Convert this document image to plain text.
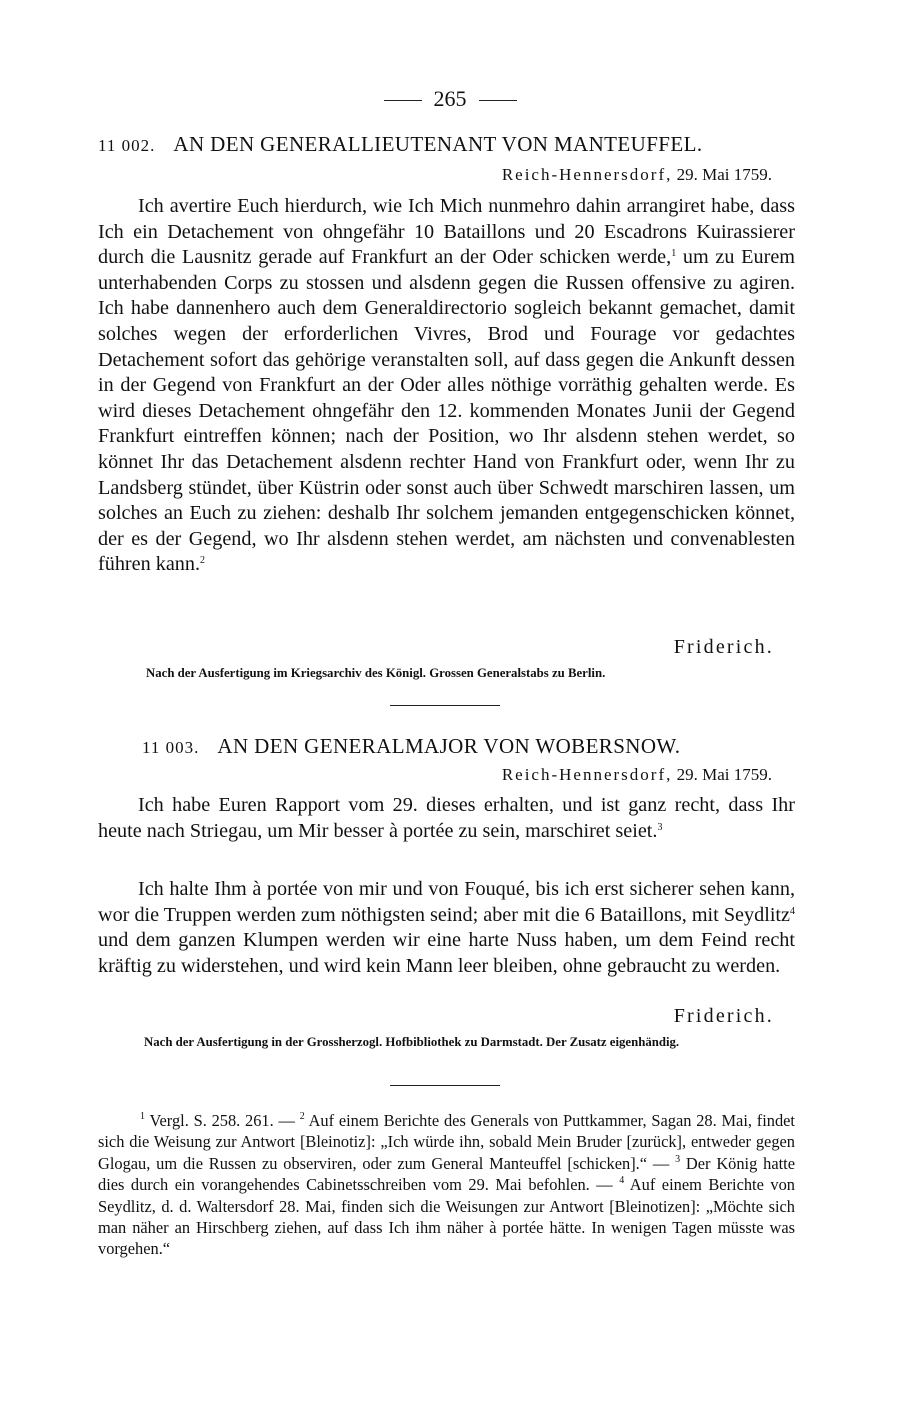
265
11 002. AN DEN GENERALLIEUTENANT VON MANTEUFFEL.
Reich-Hennersdorf, 29. Mai 1759.

Ich avertire Euch hierdurch, wie Ich Mich nunmehro dahin arrangiret habe, dass Ich ein Detachement von ohngefähr 10 Bataillons und 20 Escadrons Kuirassierer durch die Lausnitz gerade auf Frankfurt an der Oder schicken werde,$^1$ um zu Eurem unterhabenden Corps zu stossen und alsdenn gegen die Russen offensive zu agiren. Ich habe dannenhero auch dem Generaldirectorio sogleich bekannt gemachet, damit solches wegen der erforderlichen Vivres, Brod und Fourage vor gedachtes Detachement sofort das gehörige veranstalten soll, auf dass gegen die Ankunft dessen in der Gegend von Frankfurt an der Oder alles nöthige vorräthig gehalten werde. Es wird dieses Detachement ohngefähr den 12. kommenden Monates Junii der Gegend Frankfurt eintreffen können; nach der Position, wo Ihr alsdenn stehen werdet, so könnet Ihr das Detachement alsdenn rechter Hand von Frankfurt oder, wenn Ihr zu Landsberg stündet, über Küstrin oder sonst auch über Schwedt marschiren lassen, um solches an Euch zu ziehen: deshalb Ihr solchem jemanden entgegenschicken könnet, der es der Gegend, wo Ihr alsdenn stehen werdet, am nächsten und convenablesten führen kann.$^2$

Friderich.

Nach der Ausfertigung im Kriegsarchiv des Königl. Grossen Generalstabs zu Berlin.

11 003. AN DEN GENERALMAJOR VON WOBERSNOW.
Reich-Hennersdorf, 29. Mai 1759.

Ich habe Euren Rapport vom 29. dieses erhalten, und ist ganz recht, dass Ihr heute nach Striegau, um Mir besser à portée zu sein, marschiret seiet.$^3$

Ich halte Ihm à portée von mir und von Fouqué, bis ich erst sicherer sehen kann, wor die Truppen werden zum nöthigsten seind; aber mit die 6 Bataillons, mit Seydlitz$^4$ und dem ganzen Klumpen werden wir eine harte Nuss haben, um dem Feind recht kräftig zu widerstehen, und wird kein Mann leer bleiben, ohne gebraucht zu werden.

Friderich.

Nach der Ausfertigung in der Grossherzogl. Hofbibliothek zu Darmstadt. Der Zusatz eigenhändig.

$^1$ Vergl. S. 258. 261. — $^2$ Auf einem Berichte des Generals von Puttkammer, Sagan 28. Mai, findet sich die Weisung zur Antwort [Bleinotiz]: „Ich würde ihn, sobald Mein Bruder [zurück], entweder gegen Glogau, um die Russen zu observiren, oder zum General Manteuffel [schicken].“ — $^3$ Der König hatte dies durch ein vorangehendes Cabinetsschreiben vom 29. Mai befohlen. — $^4$ Auf einem Berichte von Seydlitz, d. d. Waltersdorf 28. Mai, finden sich die Weisungen zur Antwort [Bleinotizen]: „Möchte sich man näher an Hirschberg ziehen, auf dass Ich ihm näher à portée hätte. In wenigen Tagen müsste was vorgehen.“
